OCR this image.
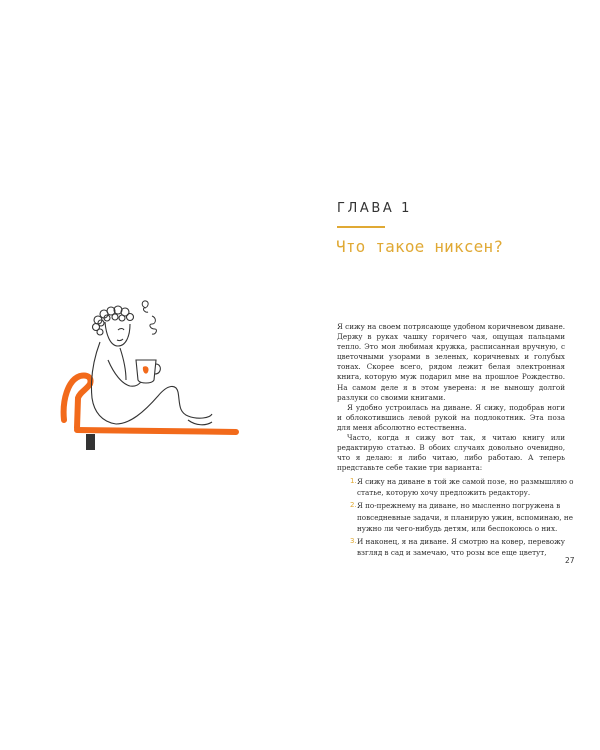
ГЛАВА 1
Что такое никсен?

Я сижу на своем потрясающе удобном коричневом диване. Держу в руках чашку горячего чая, ощущая пальцами тепло. Это моя любимая кружка, расписанная вручную, с цветочными узорами в зеленых, коричневых и голубых тонах. Скорее всего, рядом лежит белая электронная книга, которую муж подарил мне на прошлое Рождество. На самом деле я в этом уверена: я не выношу долгой разлуки со своими книгами.

Я удобно устроилась на диване. Я сижу, подобрав ноги и облокотившись левой рукой на подлокотник. Эта поза для меня абсолютно естественна.

Часто, когда я сижу вот так, я читаю книгу или редактирую статью. В обоих случаях довольно очевидно, что я делаю: я либо читаю, либо работаю. А теперь представьте себе такие три варианта:

1. Я сижу на диване в той же самой позе, но размышляю о статье, которую хочу предложить редактору.
2. Я по-прежнему на диване, но мысленно погружена в повседневные задачи, я планирую ужин, вспоминаю, не нужно ли чего-нибудь детям, или беспокоюсь о них.
3. И наконец, я на диване. Я смотрю на ковер, перевожу взгляд в сад и замечаю, что розы все еще цветут,
27
